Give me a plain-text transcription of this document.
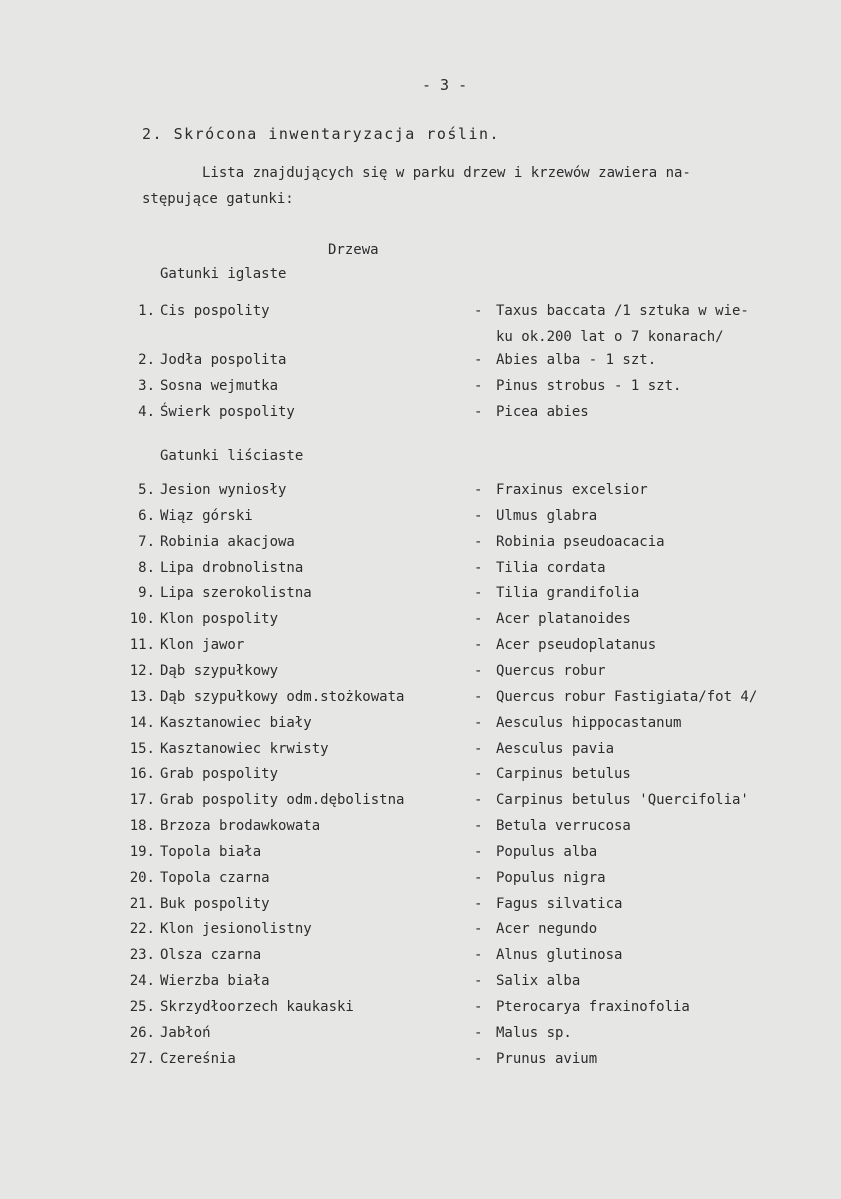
- 3 -
2. Skrócona inwentaryzacja roślin.
Lista znajdujących się w parku drzew i krzewów zawiera na-
stępujące gatunki:
Drzewa
Gatunki iglaste
Gatunki liściaste
1. Cis pospolity	- Taxus baccata /1 sztuka w wie-
ku ok.200 lat o 7 konarach/
2. Jodła pospolita	- Abies alba - 1 szt.
3. Sosna wejmutka	- Pinus strobus - 1 szt.
4. Świerk pospolity	- Picea abies
5. Jesion wyniosły	- Fraxinus excelsior
6. Wiąz górski	- Ulmus glabra
7. Robinia akacjowa	- Robinia pseudoacacia
8. Lipa drobnolistna	- Tilia cordata
9. Lipa szerokolistna	- Tilia grandifolia
10. Klon pospolity	- Acer platanoides
11. Klon jawor	- Acer pseudoplatanus
12. Dąb szypułkowy	- Quercus robur
13. Dąb szypułkowy odm.stożkowata	- Quercus robur Fastigiata/fot 4/
14. Kasztanowiec biały	- Aesculus hippocastanum
15. Kasztanowiec krwisty	- Aesculus pavia
16. Grab pospolity	- Carpinus betulus
17. Grab pospolity odm.dębolistna	- Carpinus betulus 'Quercifolia'
18. Brzoza brodawkowata	- Betula verrucosa
19. Topola biała	- Populus alba
20. Topola czarna	- Populus nigra
21. Buk pospolity	- Fagus silvatica
22. Klon jesionolistny	- Acer negundo
23. Olsza czarna	- Alnus glutinosa
24. Wierzba biała	- Salix alba
25. Skrzydłoorzech kaukaski	- Pterocarya fraxinofolia
26. Jabłoń	- Malus sp.
27. Czereśnia	- Prunus avium
